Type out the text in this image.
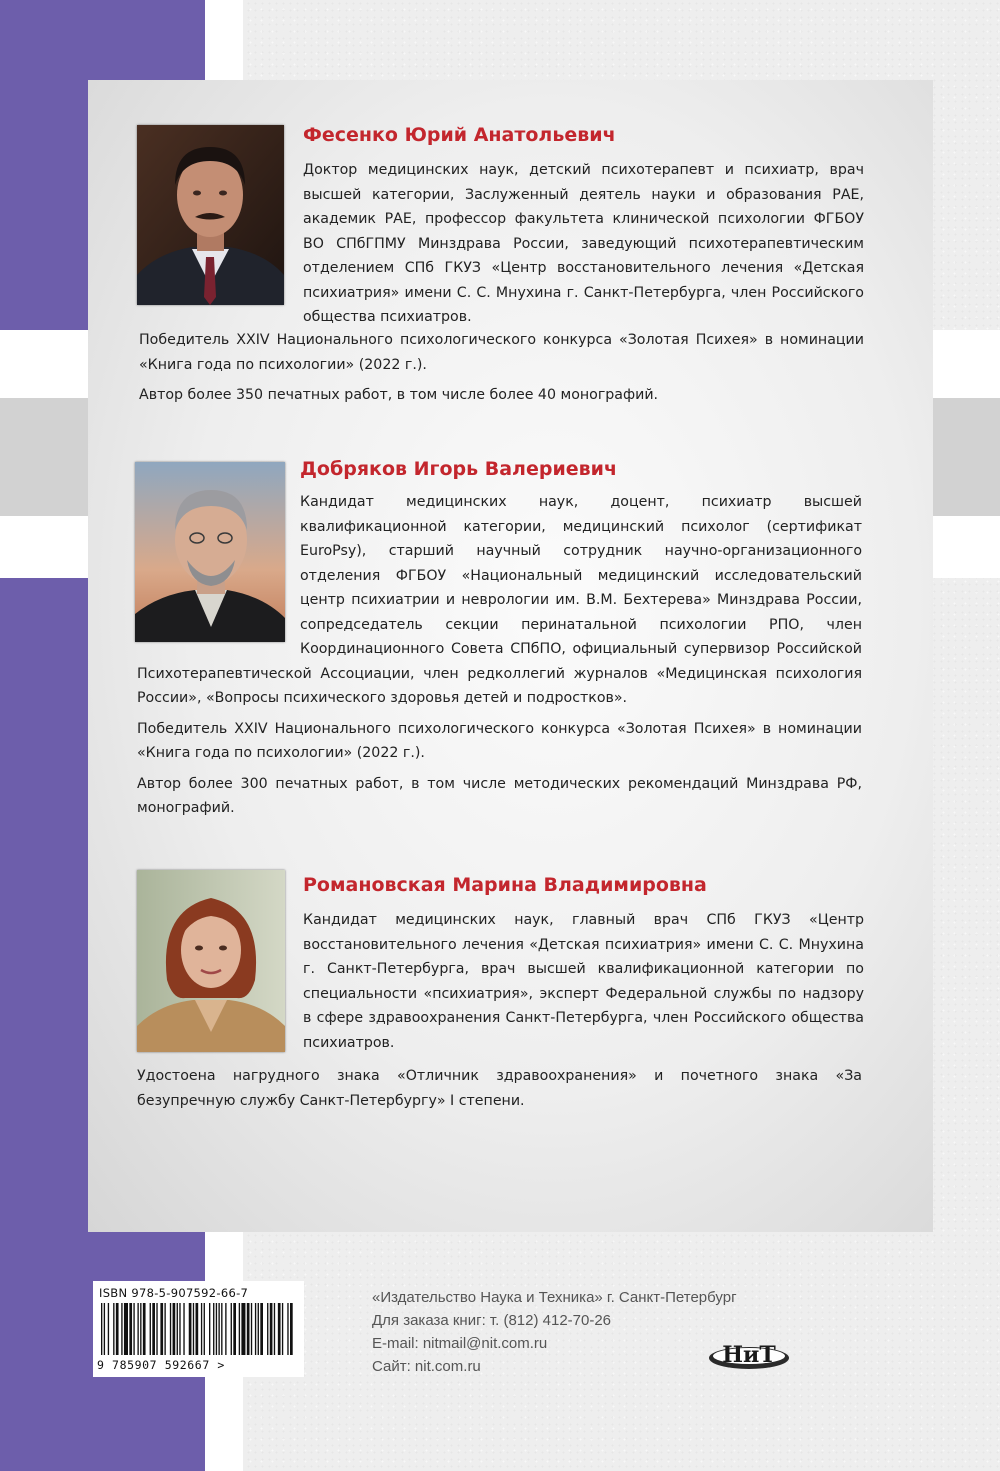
Фесенко Юрий Анатольевич

Доктор медицинских наук, детский психотерапевт и психиатр, врач высшей категории, Заслуженный деятель науки и образования РАЕ, академик РАЕ, профессор факультета клинической психологии ФГБОУ ВО СПбГПМУ Минздрава России, заведующий психотерапевтическим отделением СПб ГКУЗ «Центр восстановительного лечения «Детская психиатрия» имени С. С. Мнухина г. Санкт-Петербурга, член Российского общества психиатров.

Победитель XXIV Национального психологического конкурса «Золотая Психея» в номинации «Книга года по психологии» (2022 г.).

Автор более 350 печатных работ, в том числе более 40 монографий.

Добряков Игорь Валериевич

Кандидат медицинских наук, доцент, психиатр высшей квалификационной категории, медицинский психолог (сертификат EuroPsy), старший научный сотрудник научно-организационного отделения ФГБОУ «Национальный медицинский исследовательский центр психиатрии и неврологии им. В.М. Бехтерева» Минздрава России, сопредседатель секции перинатальной психологии РПО, член Координационного Совета СПбПО, официальный супервизор Российской Психотерапевтической Ассоциации, член редколлегий журналов «Медицинская психология России», «Вопросы психического здоровья детей и подростков».

Победитель XXIV Национального психологического конкурса «Золотая Психея» в номинации «Книга года по психологии» (2022 г.).

Автор более 300 печатных работ, в том числе методических рекомендаций Минздрава РФ, монографий.

Романовская Марина Владимировна

Кандидат медицинских наук, главный врач СПб ГКУЗ «Центр восстановительного лечения «Детская психиатрия» имени С. С. Мнухина г. Санкт-Петербурга, врач высшей квалификационной категории по специальности «психиатрия», эксперт Федеральной службы по надзору в сфере здравоохранения Санкт-Петербурга, член Российского общества психиатров.

Удостоена нагрудного знака «Отличник здравоохранения» и почетного знака «За безупречную службу Санкт-Петербургу» I степени.

ISBN 978-5-907592-66-7

9 785907 592667 >

«Издательство Наука и Техника» г. Санкт-Петербург

Для заказа книг: т. (812) 412-70-26

E-mail: nitmail@nit.com.ru

Сайт: nit.com.ru	НиТ
